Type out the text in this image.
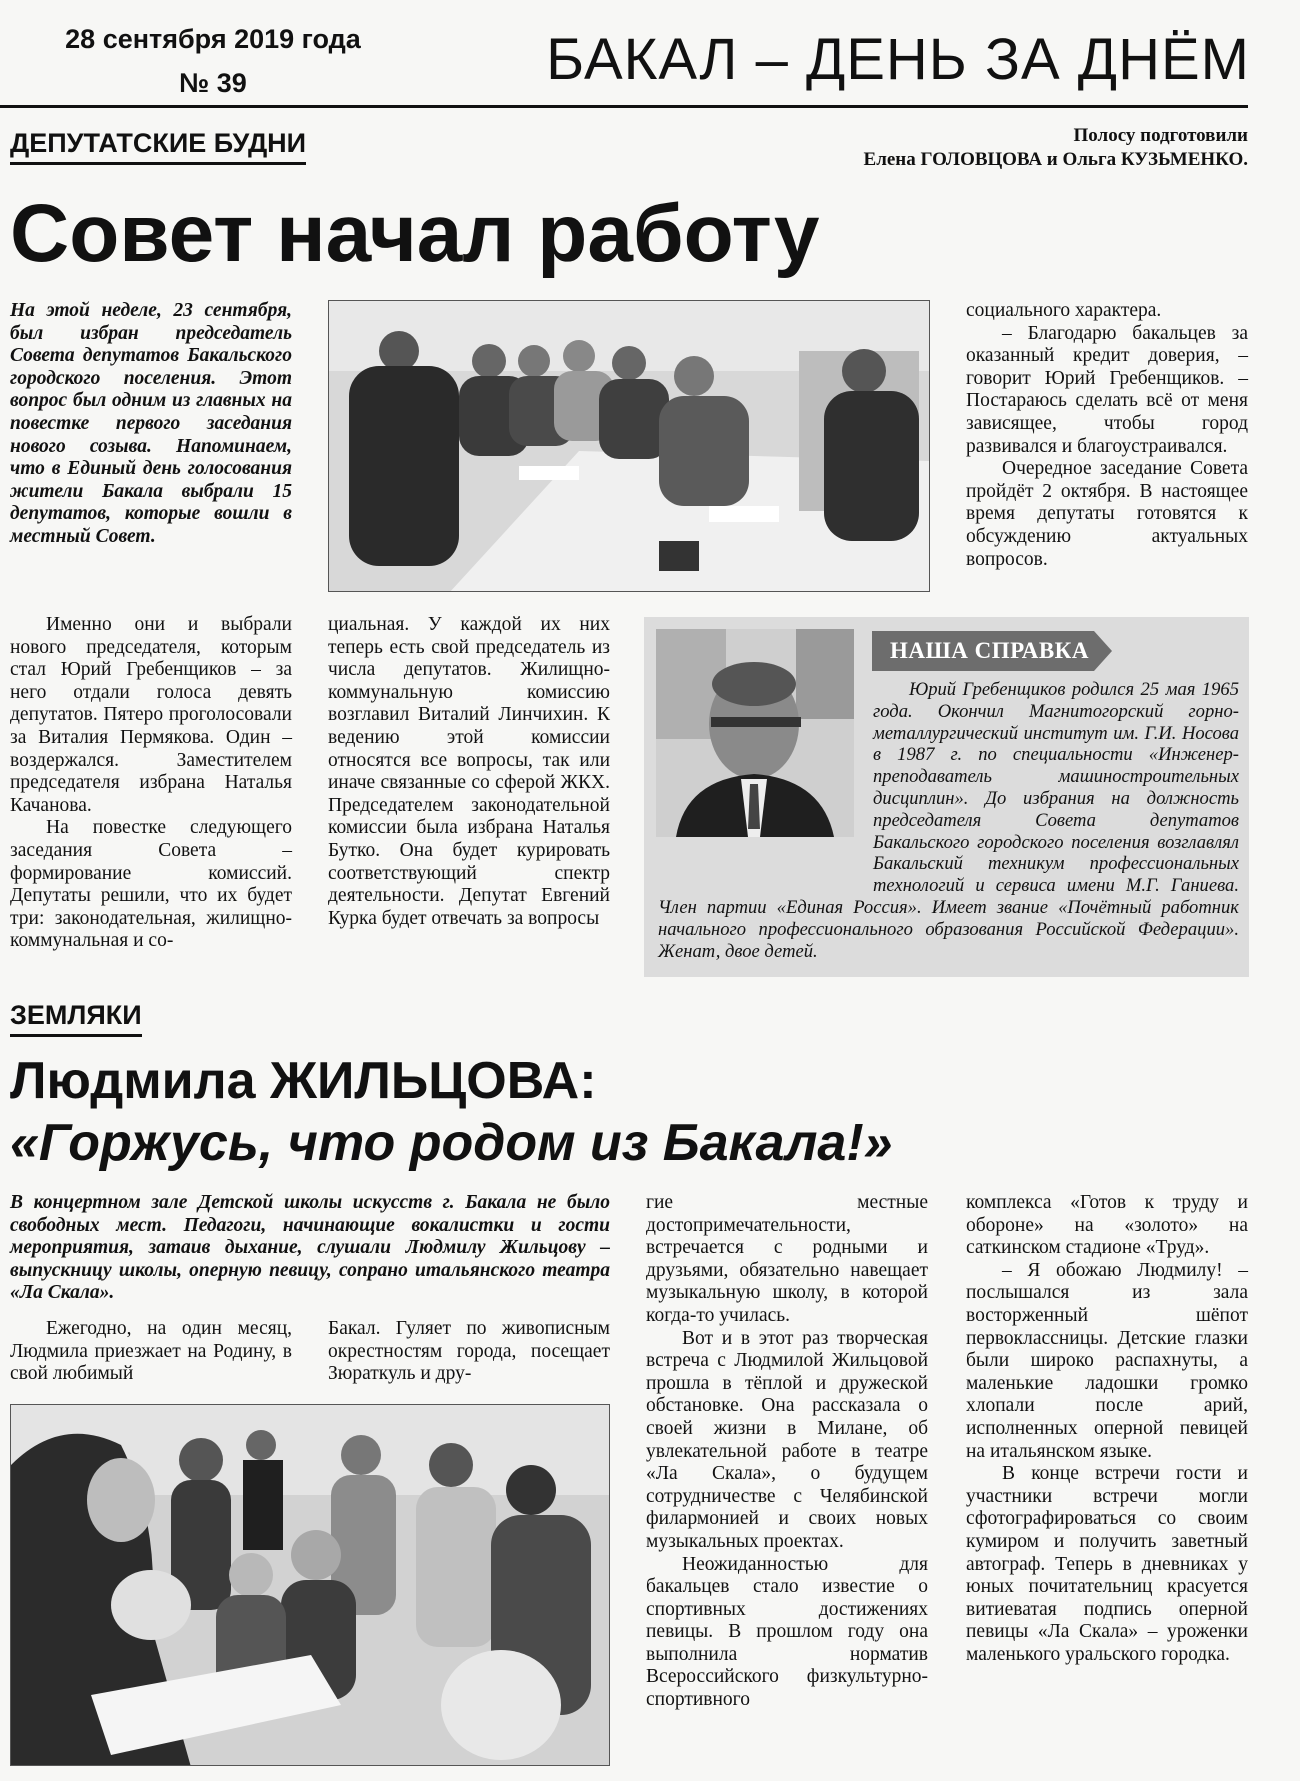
28 сентября 2019 года
№ 39	БАКАЛ – ДЕНЬ ЗА ДНЁМ
ДЕПУТАТСКИЕ БУДНИ	Полосу подготовили
Елена ГОЛОВЦОВА и Ольга КУЗЬМЕНКО.
Совет начал работу

На этой неделе, 23 сентября, был избран председатель Совета депутатов Бакальского городского поселения. Этот вопрос был одним из главных на повестке первого заседания нового созыва. Напоминаем, что в Единый день голосования жители Бакала выбрали 15 депутатов, которые вошли в местный Совет.

социального характера.

– Благодарю бакальцев за оказанный кредит доверия, – говорит Юрий Гребенщиков. – Постараюсь сделать всё от меня зависящее, чтобы город развивался и благоустраивался.

Очередное заседание Совета пройдёт 2 октября. В настоящее время депутаты готовятся к обсуждению актуальных вопросов.

Именно они и выбрали нового председателя, которым стал Юрий Гребенщиков – за него отдали голоса девять депутатов. Пятеро проголосовали за Виталия Пермякова. Один – воздержался. Заместителем председателя избрана Наталья Качанова.

На повестке следующего заседания Совета – формирование комиссий. Депутаты решили, что их будет три: законодательная, жилищно-коммунальная и со-

циальная. У каждой их них теперь есть свой председатель из числа депутатов. Жилищно-коммунальную комиссию возглавил Виталий Линчихин. К ведению этой комиссии относятся все вопросы, так или иначе связанные со сферой ЖКХ. Председателем законодательной комиссии была избрана Наталья Бутко. Она будет курировать соответствующий спектр деятельности. Депутат Евгений Курка будет отвечать за вопросы

НАША СПРАВКА

Юрий Гребенщиков родился 25 мая 1965 года. Окончил Магнитогорский горно-металлургический институт им. Г.И. Носова в 1987 г. по специальности «Инженер-преподаватель машиностроительных дисциплин». До избрания на должность председателя Совета депутатов Бакальского городского поселения возглавлял Бакальский техникум профессиональных технологий и сервиса имени М.Г. Ганиева. Член партии «Единая Россия». Имеет звание «Почётный работник начального профессионального образования Российской Федерации». Женат, двое детей.

ЗЕМЛЯКИ
Людмила ЖИЛЬЦОВА:
«Горжусь, что родом из Бакала!»

В концертном зале Детской школы искусств г. Бакала не было свободных мест. Педагоги, начинающие вокалистки и гости мероприятия, затаив дыхание, слушали Людмилу Жильцову – выпускницу школы, оперную певицу, сопрано итальянского театра «Ла Скала».

Ежегодно, на один месяц, Людмила приезжает на Родину, в свой любимый

Бакал. Гуляет по живописным окрестностям города, посещает Зюраткуль и дру-

гие местные достопримечательности, встречается с родными и друзьями, обязательно навещает музыкальную школу, в которой когда-то училась.

Вот и в этот раз творческая встреча с Людмилой Жильцовой прошла в тёплой и дружеской обстановке. Она рассказала о своей жизни в Милане, об увлекательной работе в театре «Ла Скала», о будущем сотрудничестве с Челябинской филармонией и своих новых музыкальных проектах.

Неожиданностью для бакальцев стало известие о спортивных достижениях певицы. В прошлом году она выполнила норматив Всероссийского физкультурно-спортивного

комплекса «Готов к труду и обороне» на «золото» на саткинском стадионе «Труд».

– Я обожаю Людмилу! – послышался из зала восторженный шёпот первоклассницы. Детские глазки были широко распахнуты, а маленькие ладошки громко хлопали после арий, исполненных оперной певицей на итальянском языке.

В конце встречи гости и участники встречи могли сфотографироваться со своим кумиром и получить заветный автограф. Теперь в дневниках у юных почитательниц красуется витиеватая подпись оперной певицы «Ла Скала» – уроженки маленького уральского городка.
